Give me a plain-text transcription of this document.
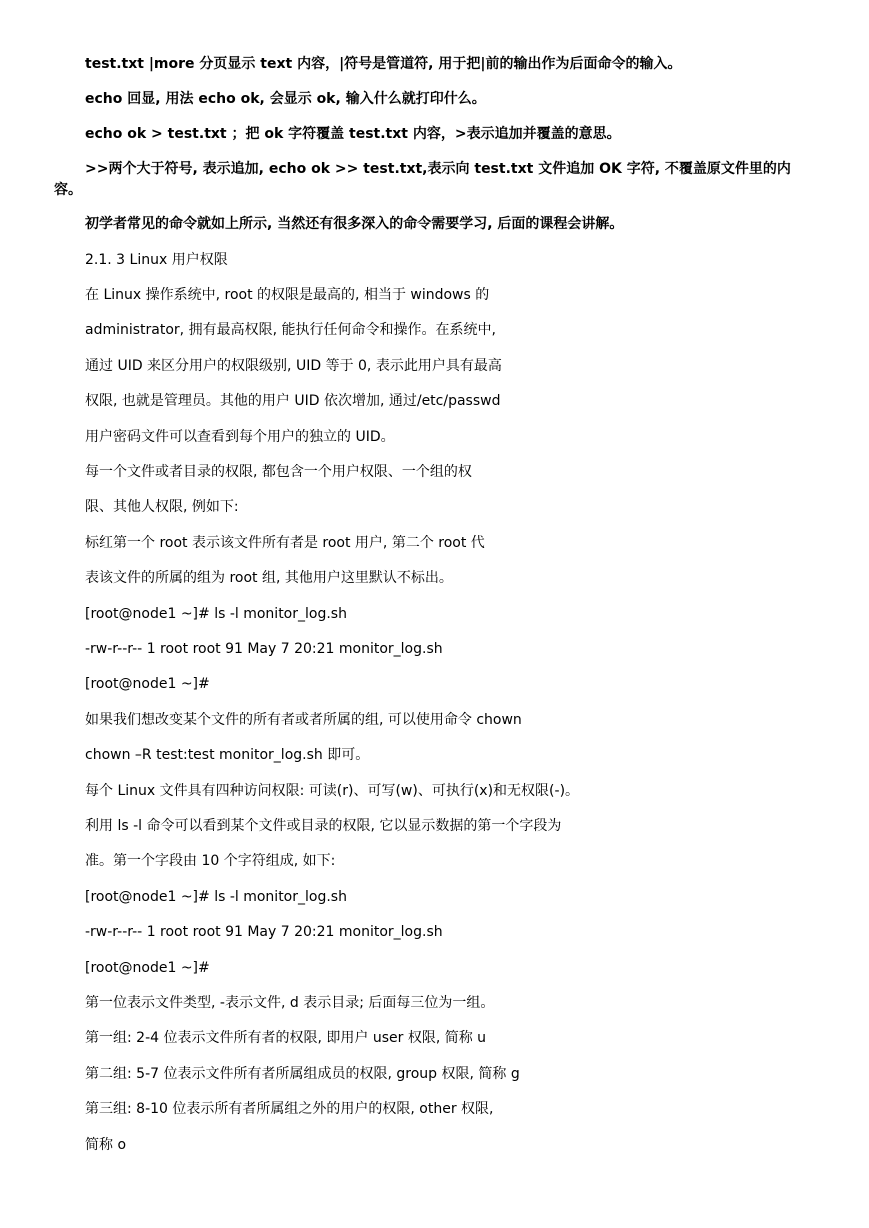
test.txt |more 分页显示 text 内容，|符号是管道符, 用于把|前的输出作为后面命令的输入。

echo 回显, 用法 echo ok, 会显示 ok, 输入什么就打印什么。

echo ok > test.txt ；把 ok 字符覆盖 test.txt 内容，>表示追加并覆盖的意思。

>>两个大于符号, 表示追加, echo ok >> test.txt,表示向 test.txt 文件追加 OK 字符, 不覆盖原文件里的内容。

初学者常见的命令就如上所示, 当然还有很多深入的命令需要学习, 后面的课程会讲解。

2.1. 3 Linux 用户权限
在 Linux 操作系统中, root 的权限是最高的, 相当于 windows 的
administrator, 拥有最高权限, 能执行任何命令和操作。在系统中,
通过 UID 来区分用户的权限级别, UID 等于 0, 表示此用户具有最高
权限, 也就是管理员。其他的用户 UID 依次增加, 通过/etc/passwd
用户密码文件可以查看到每个用户的独立的 UID。
每一个文件或者目录的权限, 都包含一个用户权限、一个组的权
限、其他人权限, 例如下:
标红第一个 root 表示该文件所有者是 root 用户, 第二个 root 代
表该文件的所属的组为 root 组, 其他用户这里默认不标出。
[root@node1 ~]# ls -l monitor_log.sh
-rw-r--r-- 1 root root 91 May 7 20:21 monitor_log.sh
[root@node1 ~]#
如果我们想改变某个文件的所有者或者所属的组, 可以使用命令 chown
chown –R test:test monitor_log.sh 即可。
每个 Linux 文件具有四种访问权限: 可读(r)、可写(w)、可执行(x)和无权限(-)。
利用 ls -l 命令可以看到某个文件或目录的权限, 它以显示数据的第一个字段为
准。第一个字段由 10 个字符组成, 如下:
[root@node1 ~]# ls -l monitor_log.sh
-rw-r--r-- 1 root root 91 May 7 20:21 monitor_log.sh
[root@node1 ~]#
第一位表示文件类型, -表示文件, d 表示目录; 后面每三位为一组。
第一组: 2-4 位表示文件所有者的权限, 即用户 user 权限, 简称 u
第二组: 5-7 位表示文件所有者所属组成员的权限, group 权限, 简称 g
第三组: 8-10 位表示所有者所属组之外的用户的权限, other 权限,
简称 o
